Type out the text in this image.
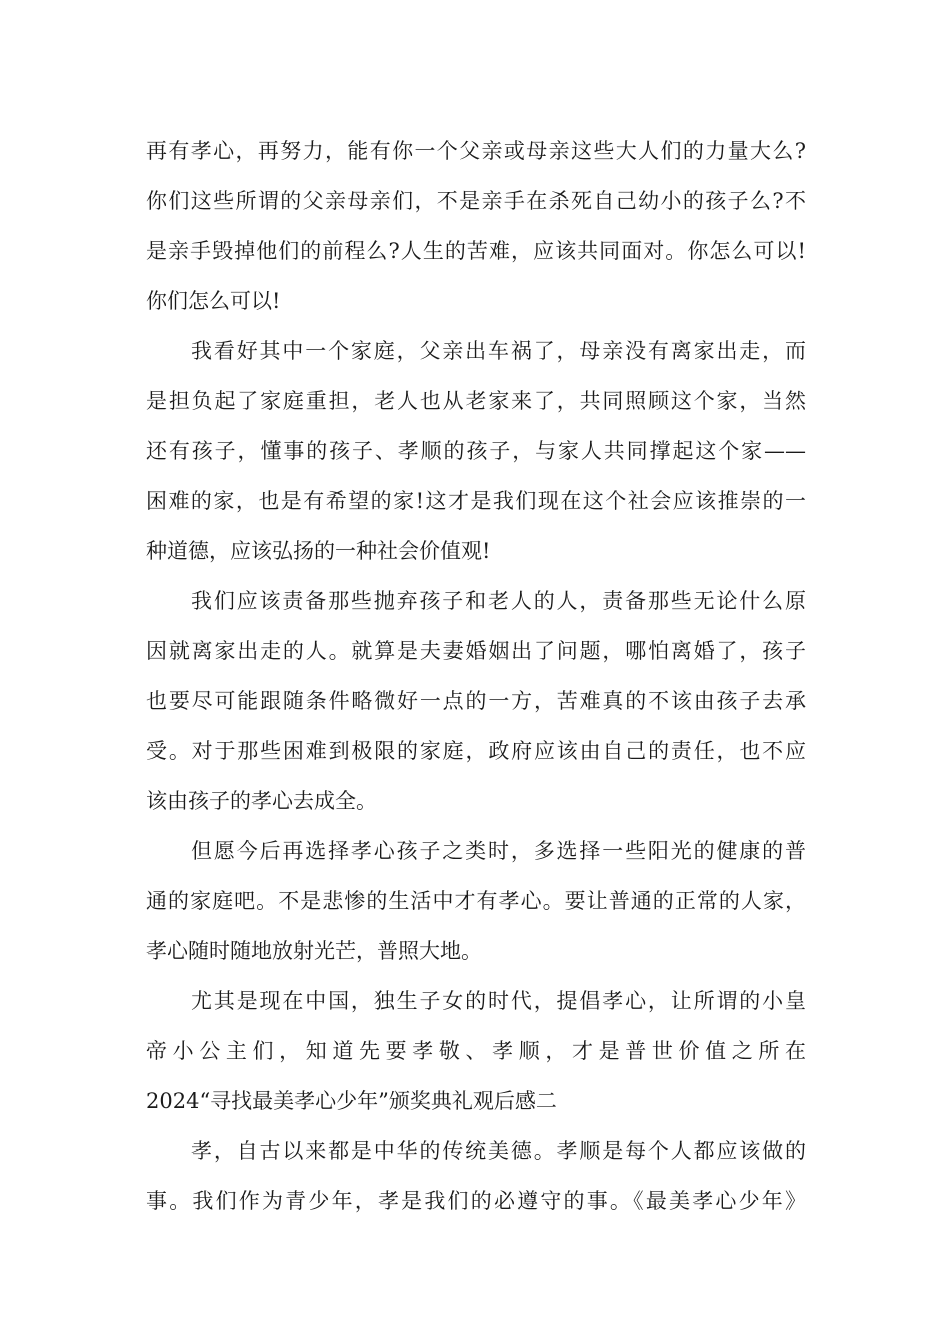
再有孝心，再努力，能有你一个父亲或母亲这些大人们的力量大么?
你们这些所谓的父亲母亲们，不是亲手在杀死自己幼小的孩子么?不
是亲手毁掉他们的前程么?人生的苦难，应该共同面对。你怎么可以!
你们怎么可以!
我看好其中一个家庭，父亲出车祸了，母亲没有离家出走，而
是担负起了家庭重担，老人也从老家来了，共同照顾这个家，当然
还有孩子，懂事的孩子、孝顺的孩子，与家人共同撑起这个家——
困难的家，也是有希望的家!这才是我们现在这个社会应该推崇的一
种道德，应该弘扬的一种社会价值观!
我们应该责备那些抛弃孩子和老人的人，责备那些无论什么原
因就离家出走的人。就算是夫妻婚姻出了问题，哪怕离婚了，孩子
也要尽可能跟随条件略微好一点的一方，苦难真的不该由孩子去承
受。对于那些困难到极限的家庭，政府应该由自己的责任，也不应
该由孩子的孝心去成全。
但愿今后再选择孝心孩子之类时，多选择一些阳光的健康的普
通的家庭吧。不是悲惨的生活中才有孝心。要让普通的正常的人家，
孝心随时随地放射光芒，普照大地。
尤其是现在中国，独生子女的时代，提倡孝心，让所谓的小皇
帝小公主们，知道先要孝敬、孝顺，才是普世价值之所在
2024“寻找最美孝心少年”颁奖典礼观后感二
孝，自古以来都是中华的传统美德。孝顺是每个人都应该做的
事。我们作为青少年，孝是我们的必遵守的事。《最美孝心少年》
